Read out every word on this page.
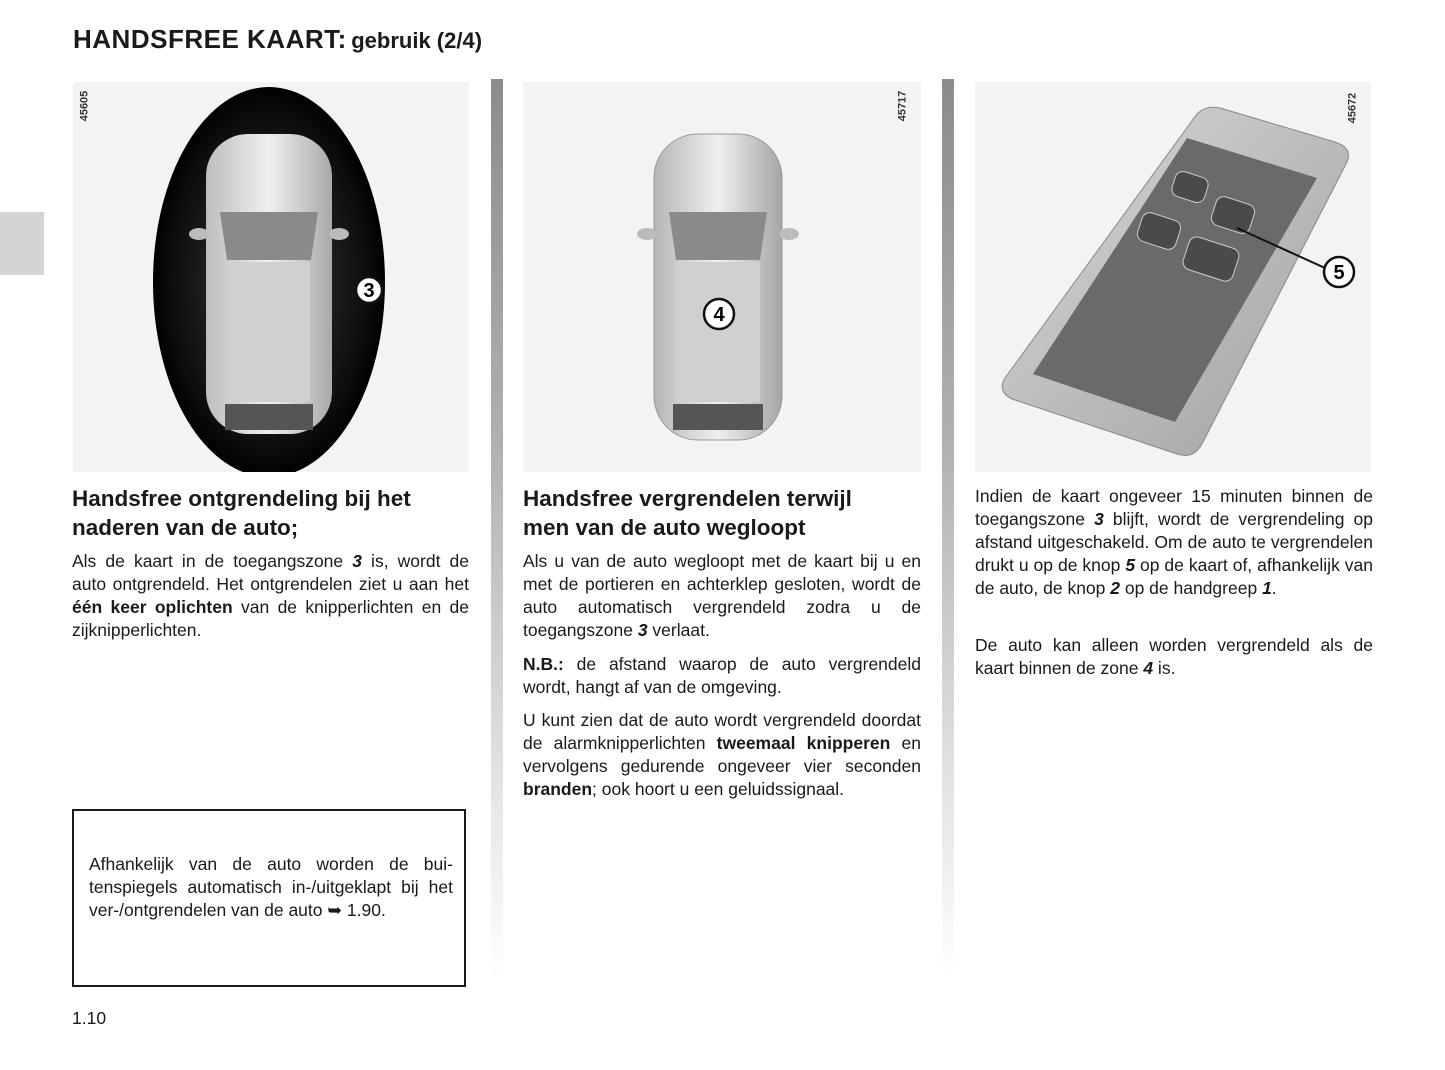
HANDSFREE KAART: gebruik (2/4)
3
45605
4
45717
5
45672
Handsfree ontgrendeling bij het
naderen van de auto;

Als de kaart in de toegangszone 3 is, wordt de auto ontgrendeld. Het ontgrendelen ziet u aan het één keer oplichten van de knipperlichten en de zijknipperlichten.

Afhankelijk van de auto worden de buitenspiegels automatisch in-/uitgeklapt bij het ver-/ontgrendelen van de auto ➥ 1.90.

Handsfree vergrendelen terwijl
men van de auto wegloopt

Als u van de auto wegloopt met de kaart bij u en met de portieren en achterklep gesloten, wordt de auto automatisch vergrendeld zodra u de toegangszone 3 verlaat.

N.B.: de afstand waarop de auto vergrendeld wordt, hangt af van de omgeving.

U kunt zien dat de auto wordt vergrendeld doordat de alarmknipperlichten tweemaal knipperen en vervolgens gedurende ongeveer vier seconden branden; ook hoort u een geluidssignaal.

Indien de kaart ongeveer 15 minuten binnen de toegangszone 3 blijft, wordt de vergrendeling op afstand uitgeschakeld. Om de auto te vergrendelen drukt u op de knop 5 op de kaart of, afhankelijk van de auto, de knop 2 op de handgreep 1.

De auto kan alleen worden vergrendeld als de kaart binnen de zone 4 is.

1.10
